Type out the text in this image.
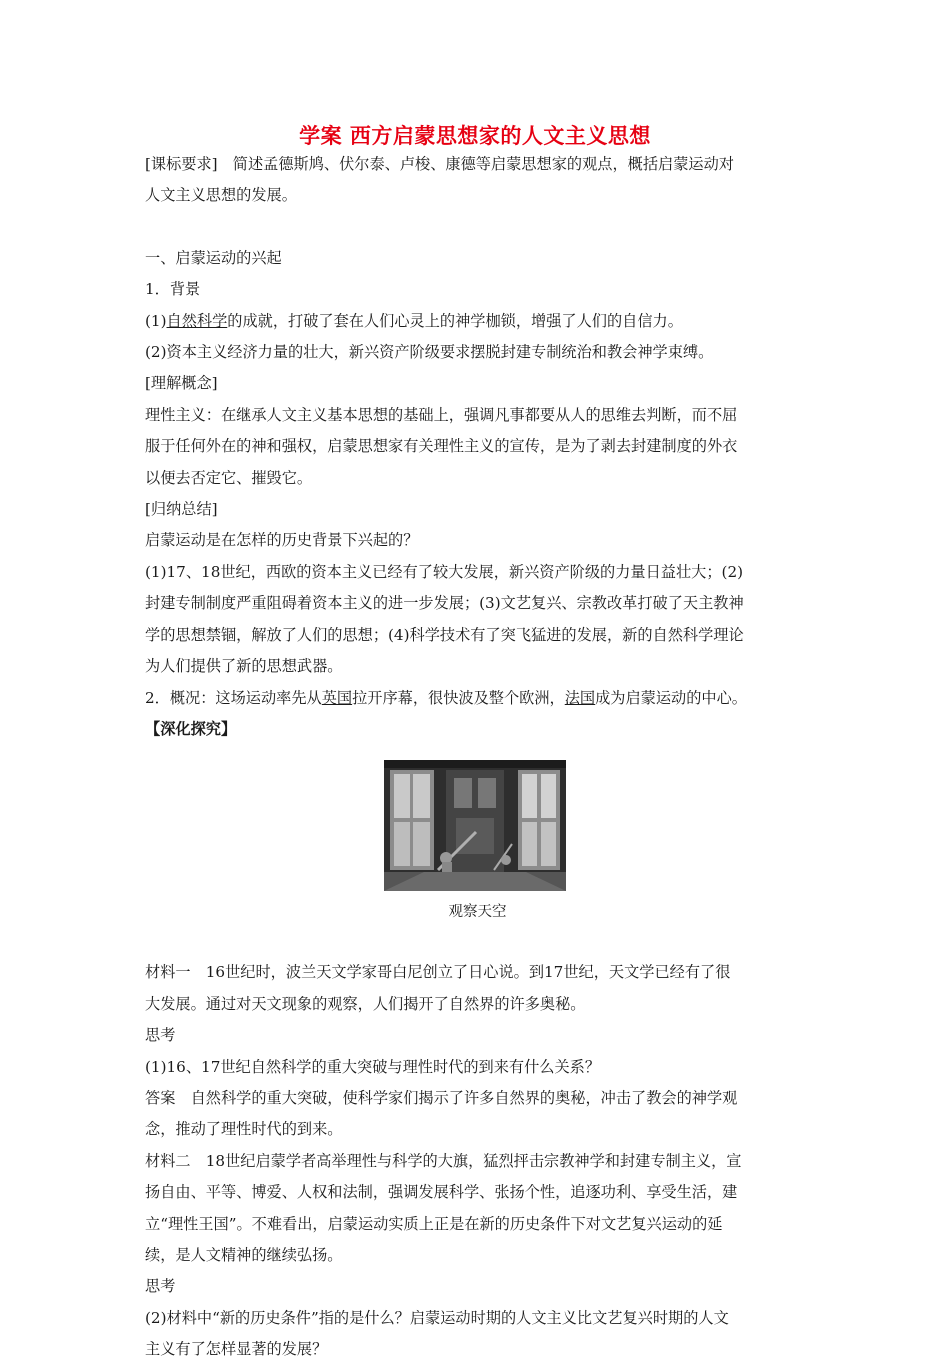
学案 西方启蒙思想家的人文主义思想

[课标要求]　 简述孟德斯鸠、伏尔泰、卢梭、康德等启蒙思想家的观点，概括启蒙运动对

人文主义思想的发展。

一、启蒙运动的兴起

1．背景

(1)自然科学的成就，打破了套在人们心灵上的神学枷锁，增强了人们的自信力。

(2)资本主义经济力量的壮大，新兴资产阶级要求摆脱封建专制统治和教会神学束缚。

[理解概念]

理性主义：在继承人文主义基本思想的基础上，强调凡事都要从人的思维去判断，而不屈

服于任何外在的神和强权，启蒙思想家有关理性主义的宣传，是为了剥去封建制度的外衣

以便去否定它、摧毁它。

[归纳总结]

启蒙运动是在怎样的历史背景下兴起的？

(1)17、18世纪，西欧的资本主义已经有了较大发展，新兴资产阶级的力量日益壮大；(2)

封建专制制度严重阻碍着资本主义的进一步发展；(3)文艺复兴、宗教改革打破了天主教神

学的思想禁锢，解放了人们的思想；(4)科学技术有了突飞猛进的发展，新的自然科学理论

为人们提供了新的思想武器。

2．概况：这场运动率先从英国拉开序幕，很快波及整个欧洲，法国成为启蒙运动的中心。

【深化探究】

观察天空

材料一　16世纪时，波兰天文学家哥白尼创立了日心说。到17世纪，天文学已经有了很

大发展。通过对天文现象的观察，人们揭开了自然界的许多奥秘。

思考

(1)16、17世纪自然科学的重大突破与理性时代的到来有什么关系？

答案　自然科学的重大突破，使科学家们揭示了许多自然界的奥秘，冲击了教会的神学观

念，推动了理性时代的到来。

材料二　18世纪启蒙学者高举理性与科学的大旗，猛烈抨击宗教神学和封建专制主义，宣

扬自由、平等、博爱、人权和法制，强调发展科学、张扬个性，追逐功利、享受生活，建

立“理性王国”。不难看出，启蒙运动实质上正是在新的历史条件下对文艺复兴运动的延

续，是人文精神的继续弘扬。

思考

(2)材料中“新的历史条件”指的是什么？启蒙运动时期的人文主义比文艺复兴时期的人文

主义有了怎样显著的发展？
